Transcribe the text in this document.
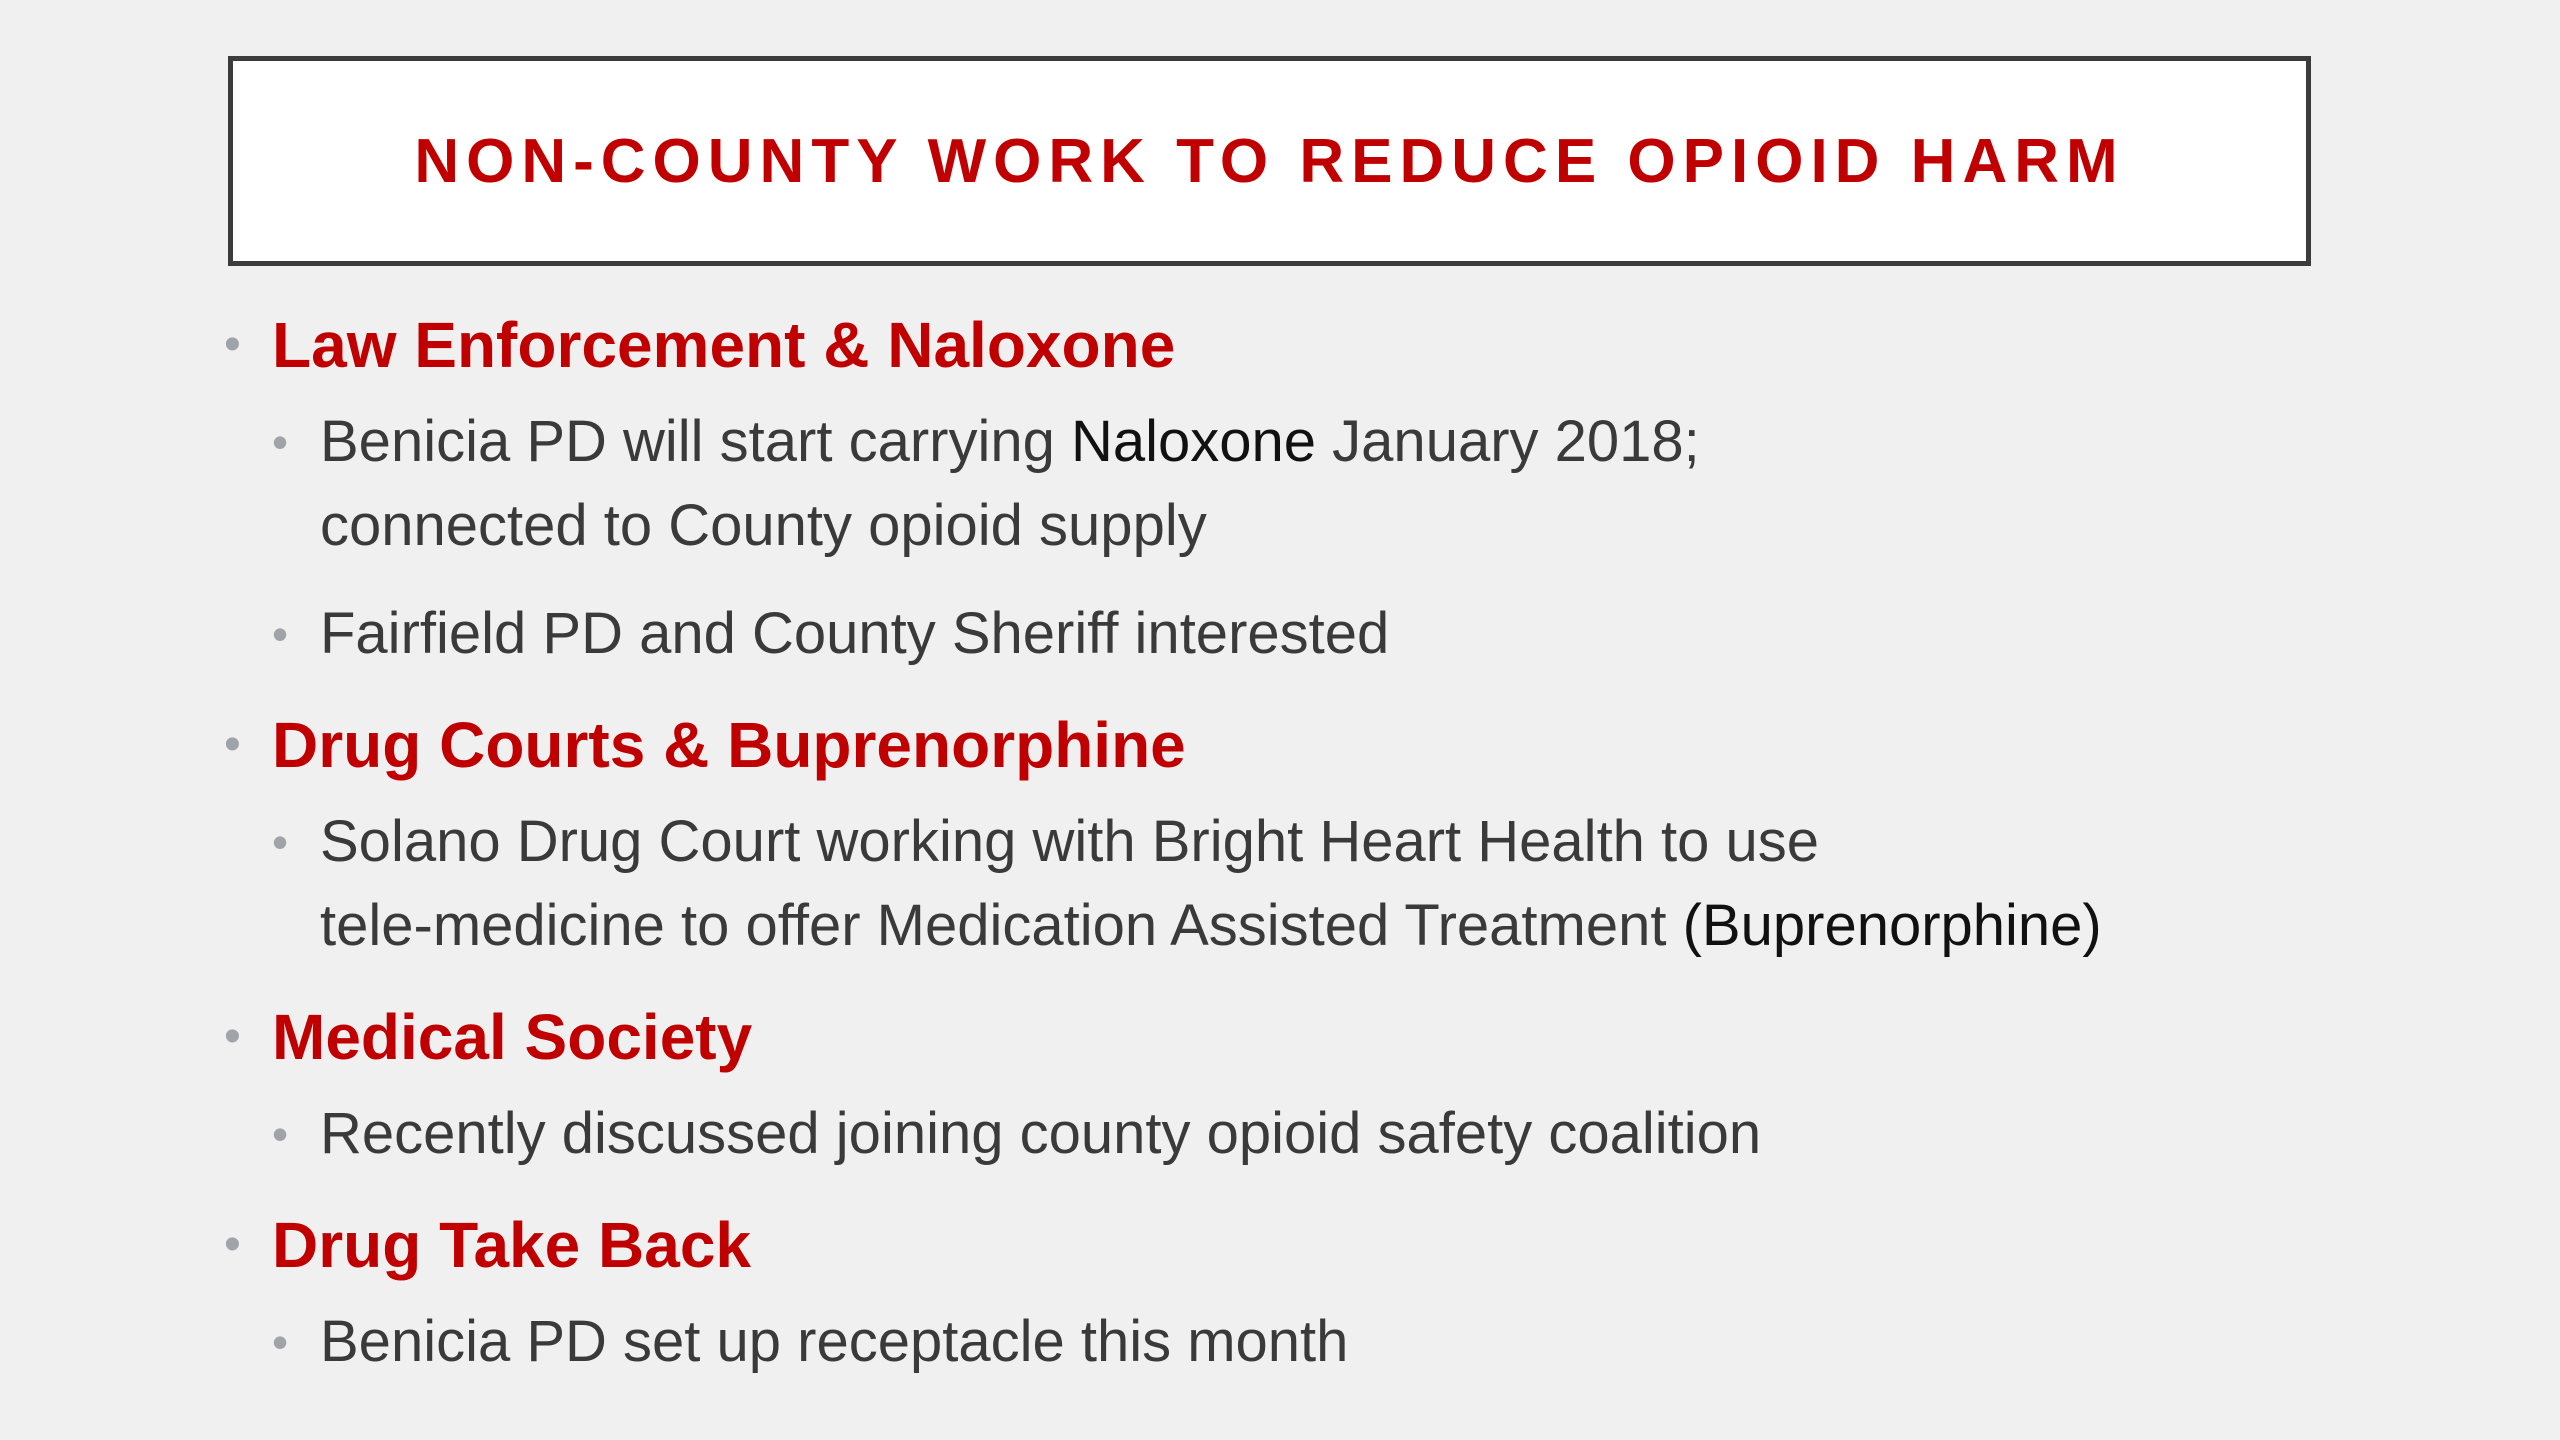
NON-COUNTY WORK TO REDUCE OPIOID HARM
• Law Enforcement & Naloxone
• Benicia PD will start carrying Naloxone January 2018;
connected to County opioid supply
• Fairfield PD and County Sheriff interested
• Drug Courts & Buprenorphine
• Solano Drug Court working with Bright Heart Health to use
tele-medicine to offer Medication Assisted Treatment (Buprenorphine)
• Medical Society
• Recently discussed joining county opioid safety coalition
• Drug Take Back
• Benicia PD set up receptacle this month
